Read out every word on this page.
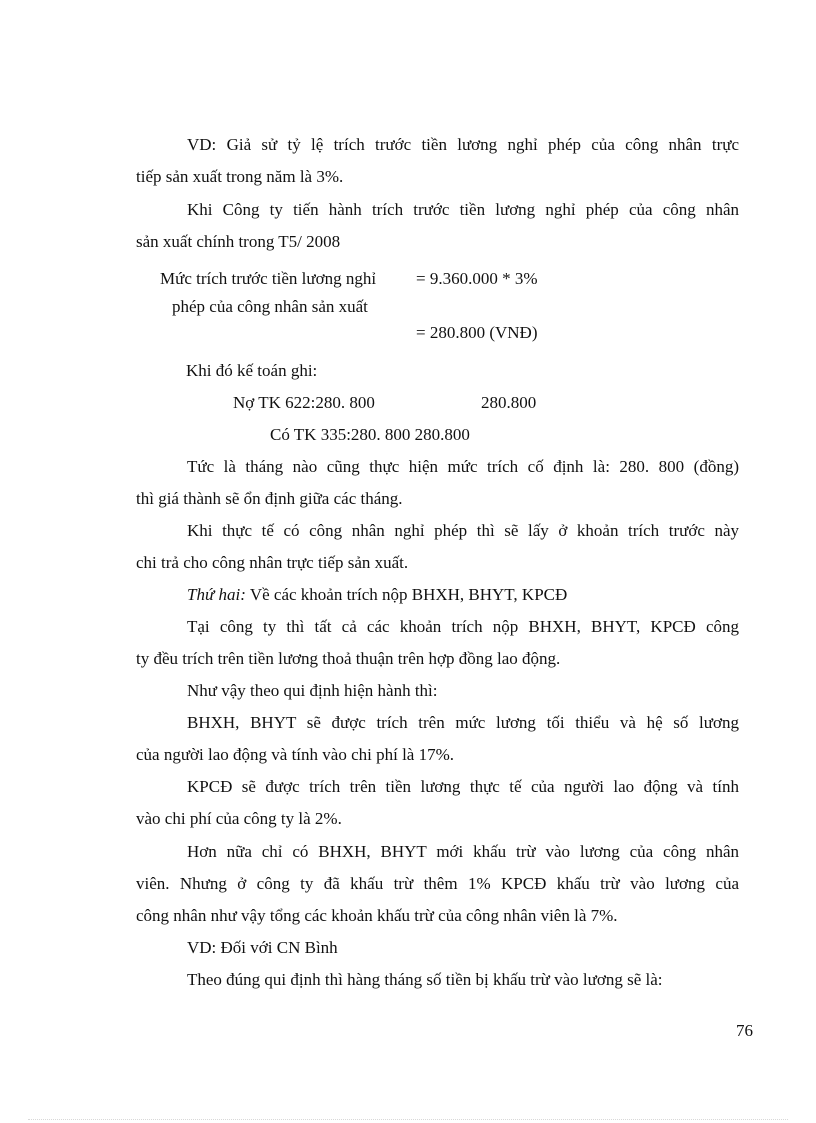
VD: Giả sử tỷ lệ trích trước tiền lương nghỉ phép của công nhân trực
tiếp sản xuất trong năm là 3%.
Khi Công ty tiến hành trích trước tiền lương nghỉ phép của công nhân
sản xuất chính trong T5/ 2008
Mức trích trước tiền lương nghỉ = 9.360.000 * 3%
phép của công nhân sản xuất
= 280.800 (VNĐ)
Khi đó kế toán ghi:
Nợ TK 622:280. 800	280.800
Có TK 335:280. 800 280.800
Tức là tháng nào cũng thực hiện mức trích cố định là: 280. 800 (đồng)
thì giá thành sẽ ổn định giữa các tháng.
Khi thực tế có công nhân nghỉ phép thì sẽ lấy ở khoản trích trước này
chi trả cho công nhân trực tiếp sản xuất.
Thứ hai: Về các khoản trích nộp BHXH, BHYT, KPCĐ
Tại công ty thì tất cả các khoản trích nộp BHXH, BHYT, KPCĐ công
ty đều trích trên tiền lương thoả thuận trên hợp đồng lao động.
Như vậy theo qui định hiện hành thì:
BHXH, BHYT sẽ được trích trên mức lương tối thiểu và hệ số lương
của người lao động và tính vào chi phí là 17%.
KPCĐ sẽ được trích trên tiền lương thực tế của người lao động và tính
vào chi phí của công ty là 2%.
Hơn nữa chỉ có BHXH, BHYT mới khấu trừ vào lương của công nhân
viên. Nhưng ở công ty đã khấu trừ thêm 1% KPCĐ khấu trừ vào lương của
công nhân như vậy tổng các khoản khấu trừ của công nhân viên là 7%.
VD: Đối với CN Bình
Theo đúng qui định thì hàng tháng số tiền bị khấu trừ vào lương sẽ là:
76
